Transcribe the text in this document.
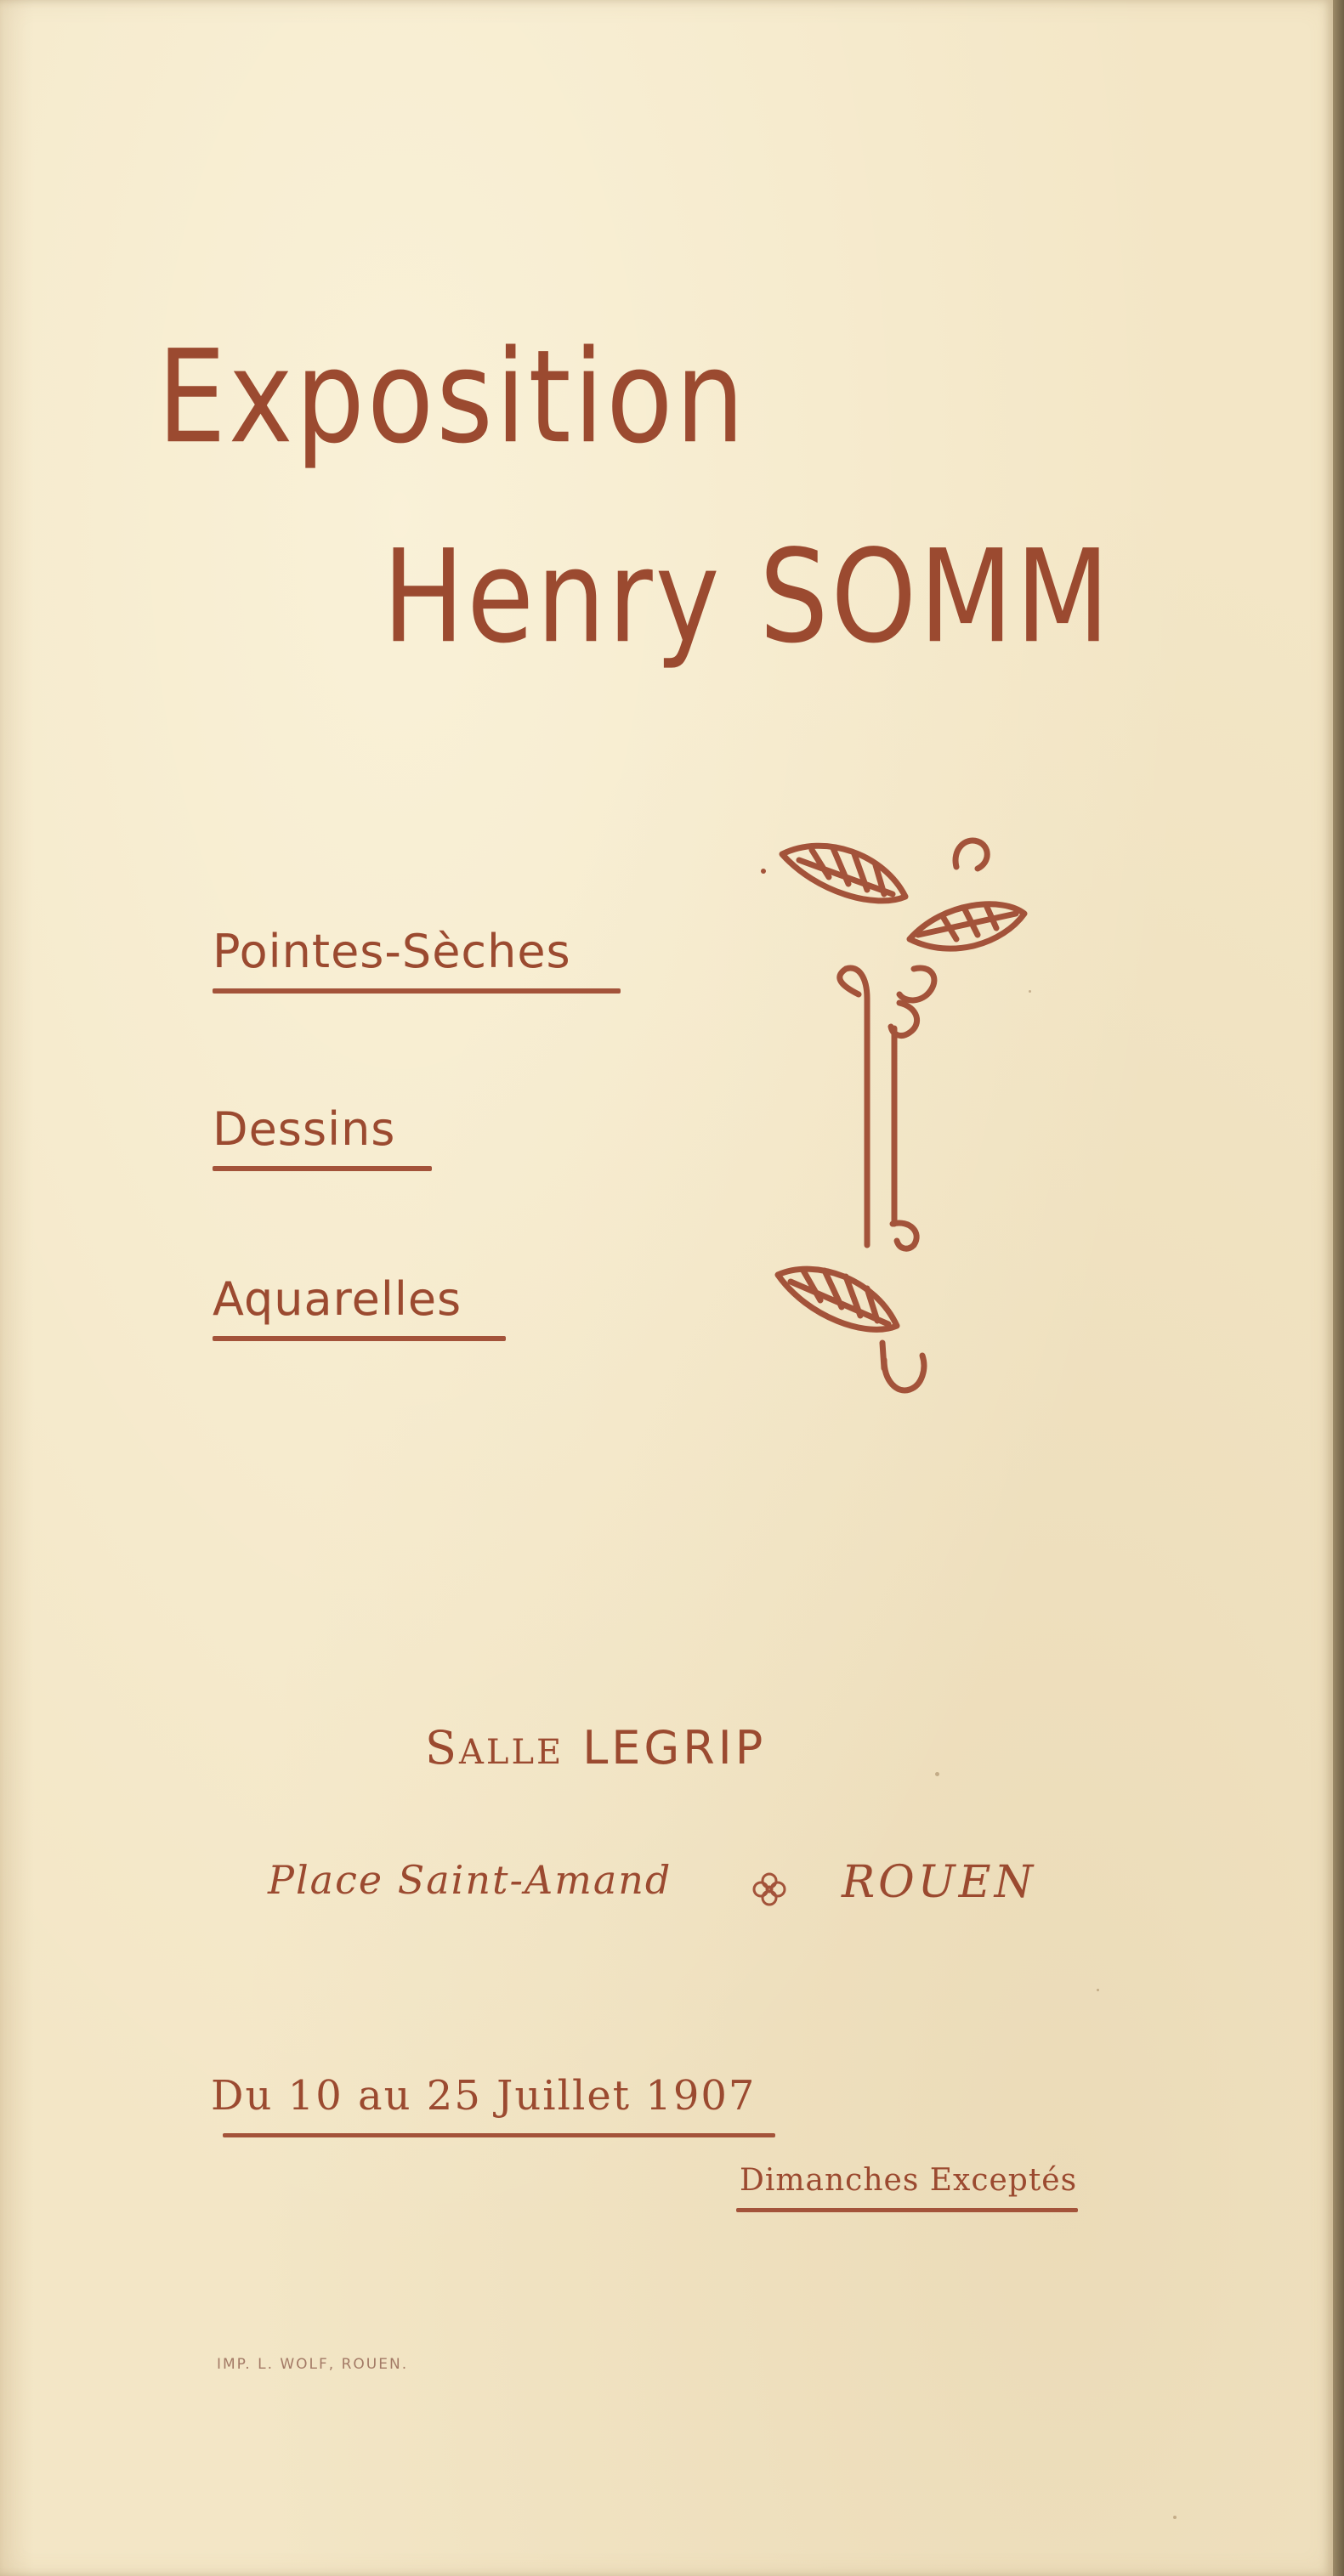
Exposition
Henry SOMM
Pointes-Sèches
Dessins
Aquarelles
SALLE LEGRIP
Place Saint-Amand	ROUEN
Du 10 au 25 Juillet 1907
Dimanches Exceptés
IMP. L. WOLF, ROUEN.
